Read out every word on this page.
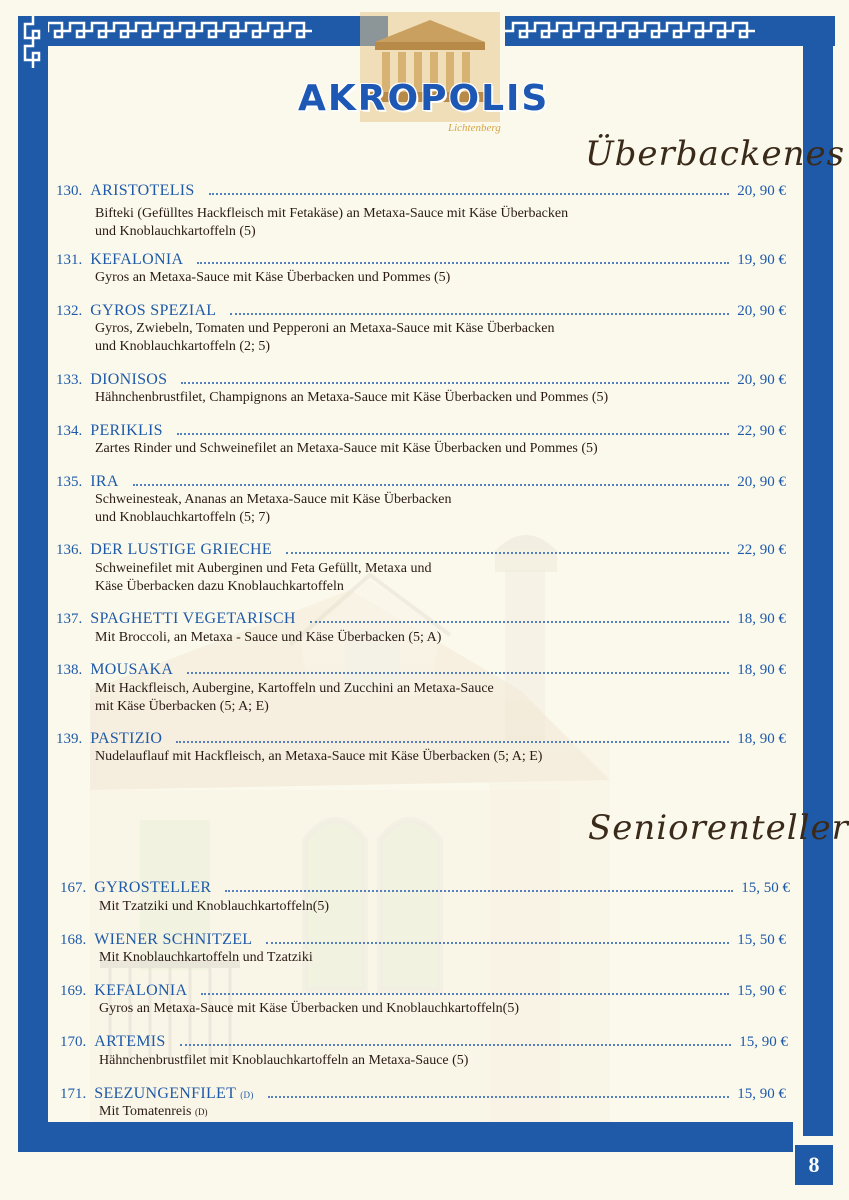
AKROPOLIS
Lichtenberg
Überbackenes
Seniorenteller
130. ARISTOTELIS	20, 90 €
Bifteki (Gefülltes Hackfleisch mit Fetakäse) an Metaxa-Sauce mit Käse Überbacken
und Knoblauchkartoffeln (5)
131. KEFALONIA	19, 90 €
Gyros an Metaxa-Sauce mit Käse Überbacken und Pommes (5)
132. GYROS SPEZIAL	20, 90 €
Gyros, Zwiebeln, Tomaten und Pepperoni an Metaxa-Sauce mit Käse Überbacken
und Knoblauchkartoffeln (2; 5)
133. DIONISOS	20, 90 €
Hähnchenbrustfilet, Champignons an Metaxa-Sauce mit Käse Überbacken und Pommes (5)
134. PERIKLIS	22, 90 €
Zartes Rinder und Schweinefilet an Metaxa-Sauce mit Käse Überbacken und Pommes (5)
135. IRA	20, 90 €
Schweinesteak, Ananas an Metaxa-Sauce mit Käse Überbacken
und Knoblauchkartoffeln (5; 7)
136. DER LUSTIGE GRIECHE	22, 90 €
Schweinefilet mit Auberginen und Feta Gefüllt, Metaxa und
Käse Überbacken dazu Knoblauchkartoffeln
137. SPAGHETTI VEGETARISCH	18, 90 €
Mit Broccoli, an Metaxa - Sauce und Käse Überbacken (5; A)
138. MOUSAKA	18, 90 €
Mit Hackfleisch, Aubergine, Kartoffeln und Zucchini an Metaxa-Sauce
mit Käse Überbacken (5; A; E)
139. PASTIZIO	18, 90 €
Nudelauflauf mit Hackfleisch, an Metaxa-Sauce mit Käse Überbacken (5; A; E)
167. GYROSTELLER	15, 50 €
Mit Tzatziki und Knoblauchkartoffeln(5)
168. WIENER SCHNITZEL	15, 50 €
Mit Knoblauchkartoffeln und Tzatziki
169. KEFALONIA	15, 90 €
Gyros an Metaxa-Sauce mit Käse Überbacken und Knoblauchkartoffeln(5)
170. ARTEMIS	15, 90 €
Hähnchenbrustfilet mit Knoblauchkartoffeln an Metaxa-Sauce (5)
171. SEEZUNGENFILET (D)	15, 90 €
Mit Tomatenreis (D)
8
